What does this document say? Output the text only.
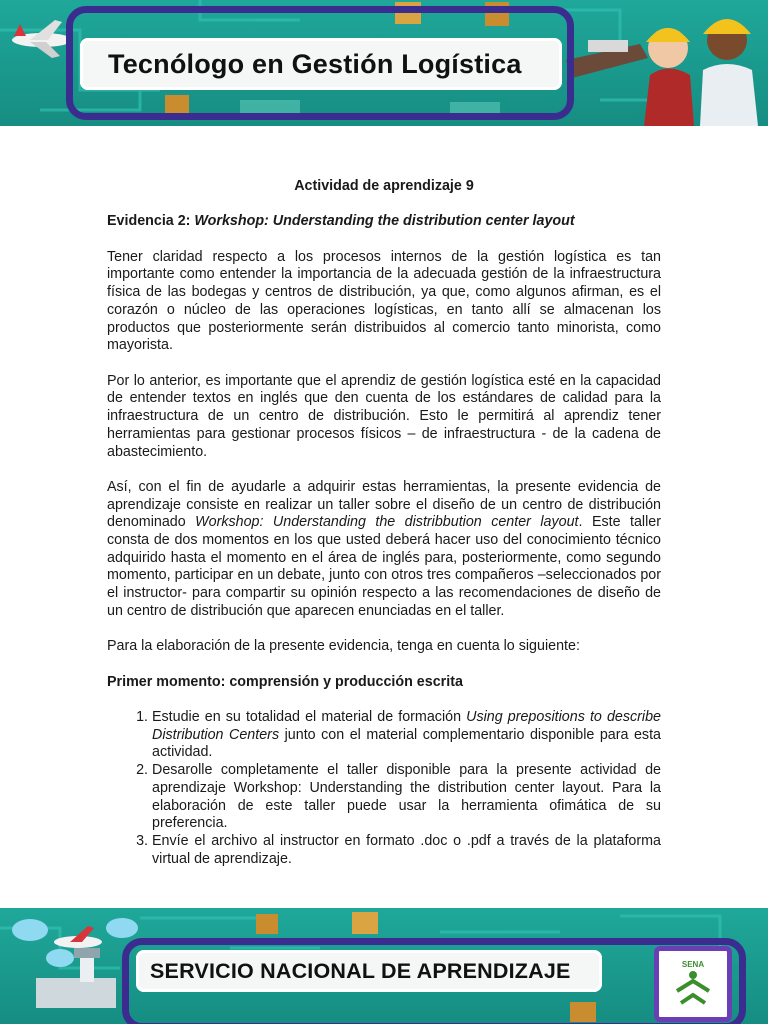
Tecnólogo en Gestión Logística

Actividad de aprendizaje 9

Evidencia 2: Workshop: Understanding the distribution center layout

Tener claridad respecto a los procesos internos de la gestión logística es tan importante como entender la importancia de la adecuada gestión de la infraestructura física de las bodegas y centros de distribución, ya que, como algunos afirman, es el corazón o núcleo de las operaciones logísticas, en tanto allí se almacenan los productos que posteriormente serán distribuidos al comercio tanto minorista, como mayorista.

Por lo anterior, es importante que el aprendiz de gestión logística esté en la capacidad de entender textos en inglés que den cuenta de los estándares de calidad para la infraestructura de un centro de distribución. Esto le permitirá al aprendiz tener herramientas para gestionar procesos físicos – de infraestructura - de la cadena de abastecimiento.

Así, con el fin de ayudarle a adquirir estas herramientas, la presente evidencia de aprendizaje consiste en realizar un taller sobre el diseño de un centro de distribución denominado Workshop: Understanding the distribbution center layout. Este taller consta de dos momentos en los que usted deberá hacer uso del conocimiento técnico adquirido hasta el momento en el área de inglés para, posteriormente, como segundo momento, participar en un debate, junto con otros tres compañeros –seleccionados por el instructor- para compartir su opinión respecto a las recomendaciones de diseño de un centro de distribución que aparecen enunciadas en el taller.

Para la elaboración de la presente evidencia, tenga en cuenta lo siguiente:

Primer momento: comprensión y producción escrita

1. Estudie en su totalidad el material de formación Using prepositions to describe Distribution Centers junto con el material complementario disponible para esta actividad.
2. Desarolle completamente el taller disponible para la presente actividad de aprendizaje Workshop: Understanding the distribution center layout. Para la elaboración de este taller puede usar la herramienta ofimática de su preferencia.
3. Envíe el archivo al instructor en formato .doc o .pdf a través de la plataforma virtual de aprendizaje.
SERVICIO NACIONAL DE APRENDIZAJE	SENA
